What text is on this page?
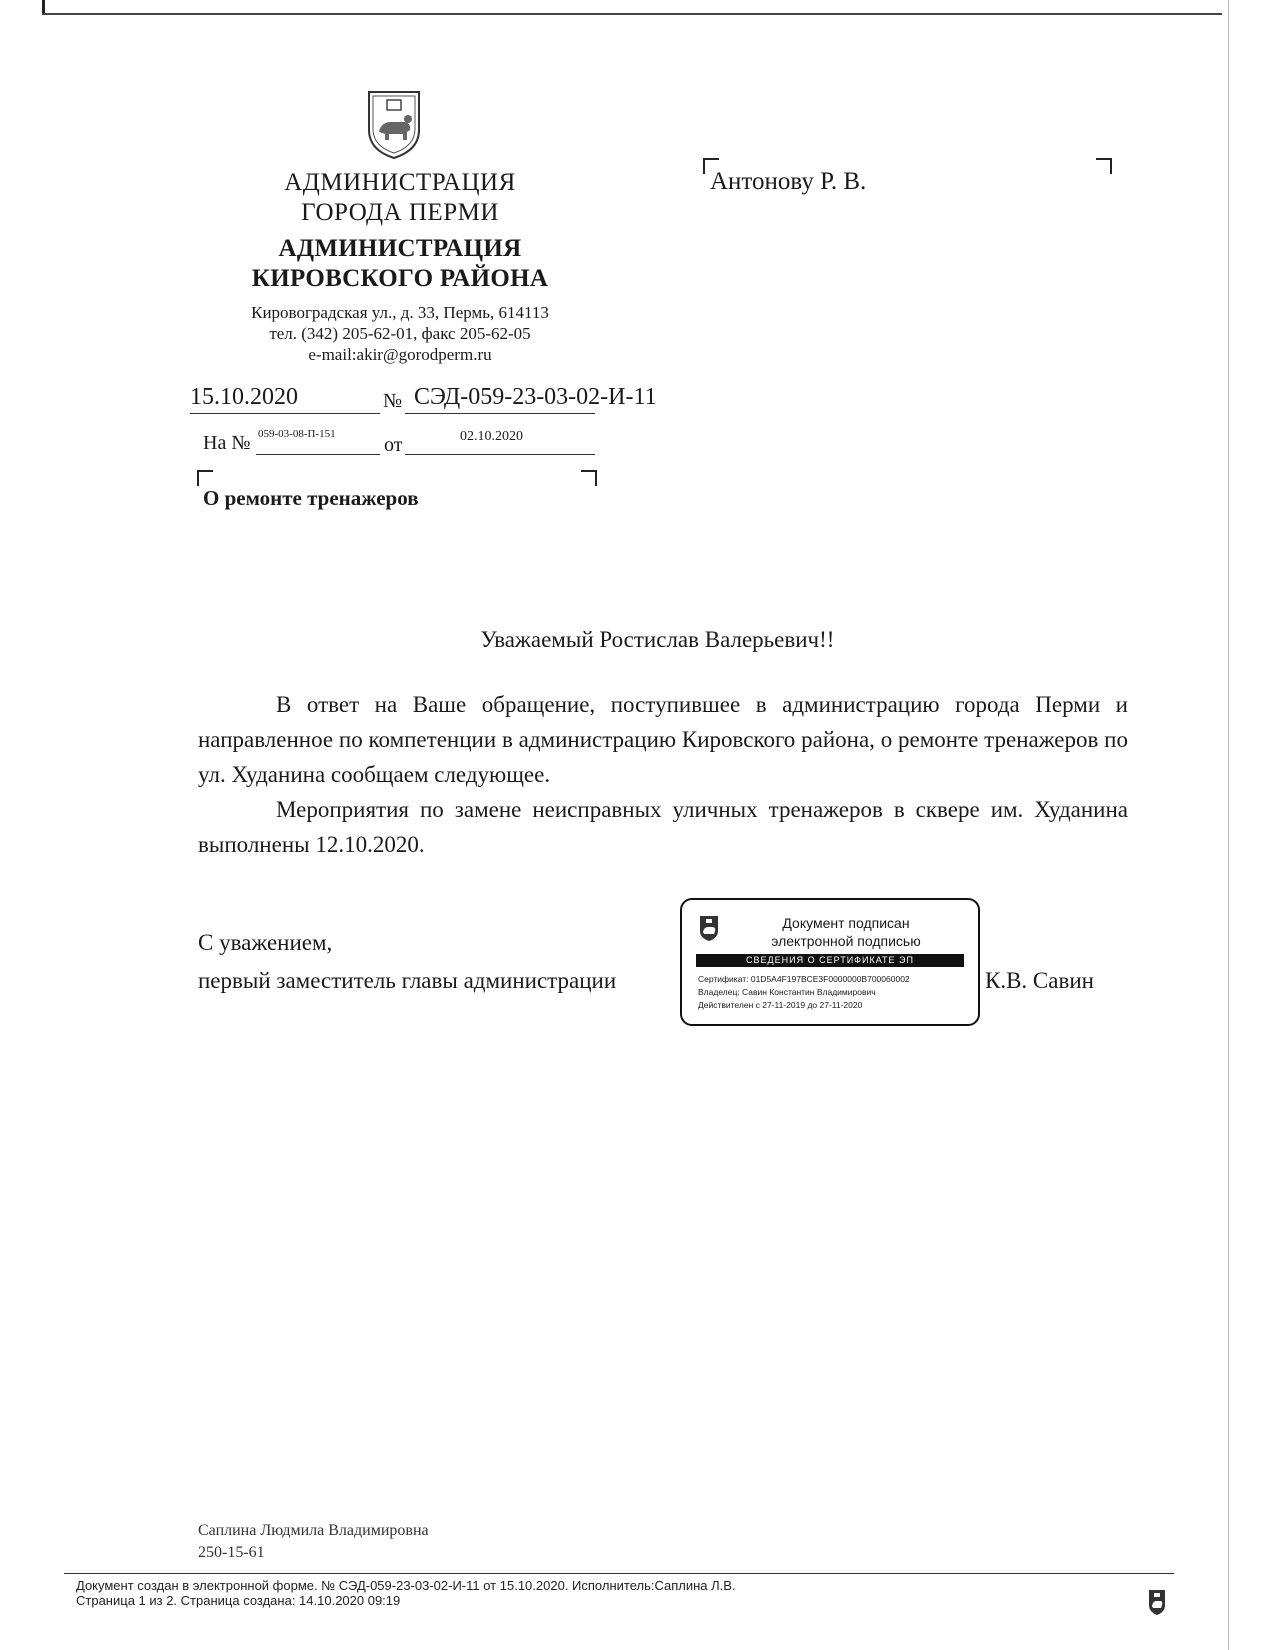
АДМИНИСТРАЦИЯ
ГОРОДА ПЕРМИ
АДМИНИСТРАЦИЯ
КИРОВСКОГО РАЙОНА
Кировоградская ул., д. 33, Пермь, 614113
тел. (342) 205-62-01, факс 205-62-05
e-mail:akir@gorodperm.ru
Антонову Р. В.
15.10.2020	№ СЭД-059-23-03-02-И-11
На № 059-03-08-П-151 от	02.10.2020
О ремонте тренажеров
Уважаемый Ростислав Валерьевич!!

В ответ на Ваше обращение, поступившее в администрацию города Перми и направленное по компетенции в администрацию Кировского района, о ремонте тренажеров по ул. Худанина сообщаем следующее.

Мероприятия по замене неисправных уличных тренажеров в сквере им. Худанина выполнены 12.10.2020.

С уважением,
первый заместитель главы администрации	К.В. Савин
Документ подписан
электронной подписью
СВЕДЕНИЯ О СЕРТИФИКАТЕ ЭП
Сертификат: 01D5A4F197BCE3F0000000B700060002
Владелец: Савин Константин Владимирович
Действителен с 27-11-2019 до 27-11-2020
Саплина Людмила Владимировна
250-15-61
Документ создан в электронной форме. № СЭД-059-23-03-02-И-11 от 15.10.2020. Исполнитель:Саплина Л.В.
Страница 1 из 2. Страница создана: 14.10.2020 09:19
